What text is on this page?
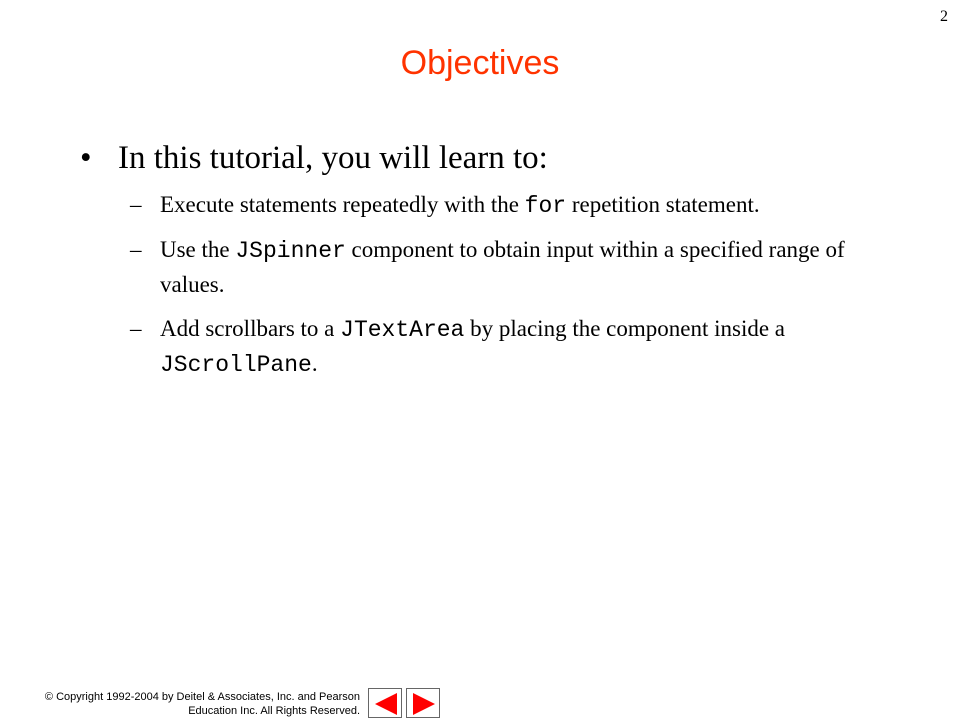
2
Objectives
• In this tutorial, you will learn to:
– Execute statements repeatedly with the for repetition statement.
– Use the JSpinner component to obtain input within a specified range of values.
– Add scrollbars to a JTextArea by placing the component inside a JScrollPane.
© Copyright 1992-2004 by Deitel & Associates, Inc. and Pearson
Education Inc. All Rights Reserved.
